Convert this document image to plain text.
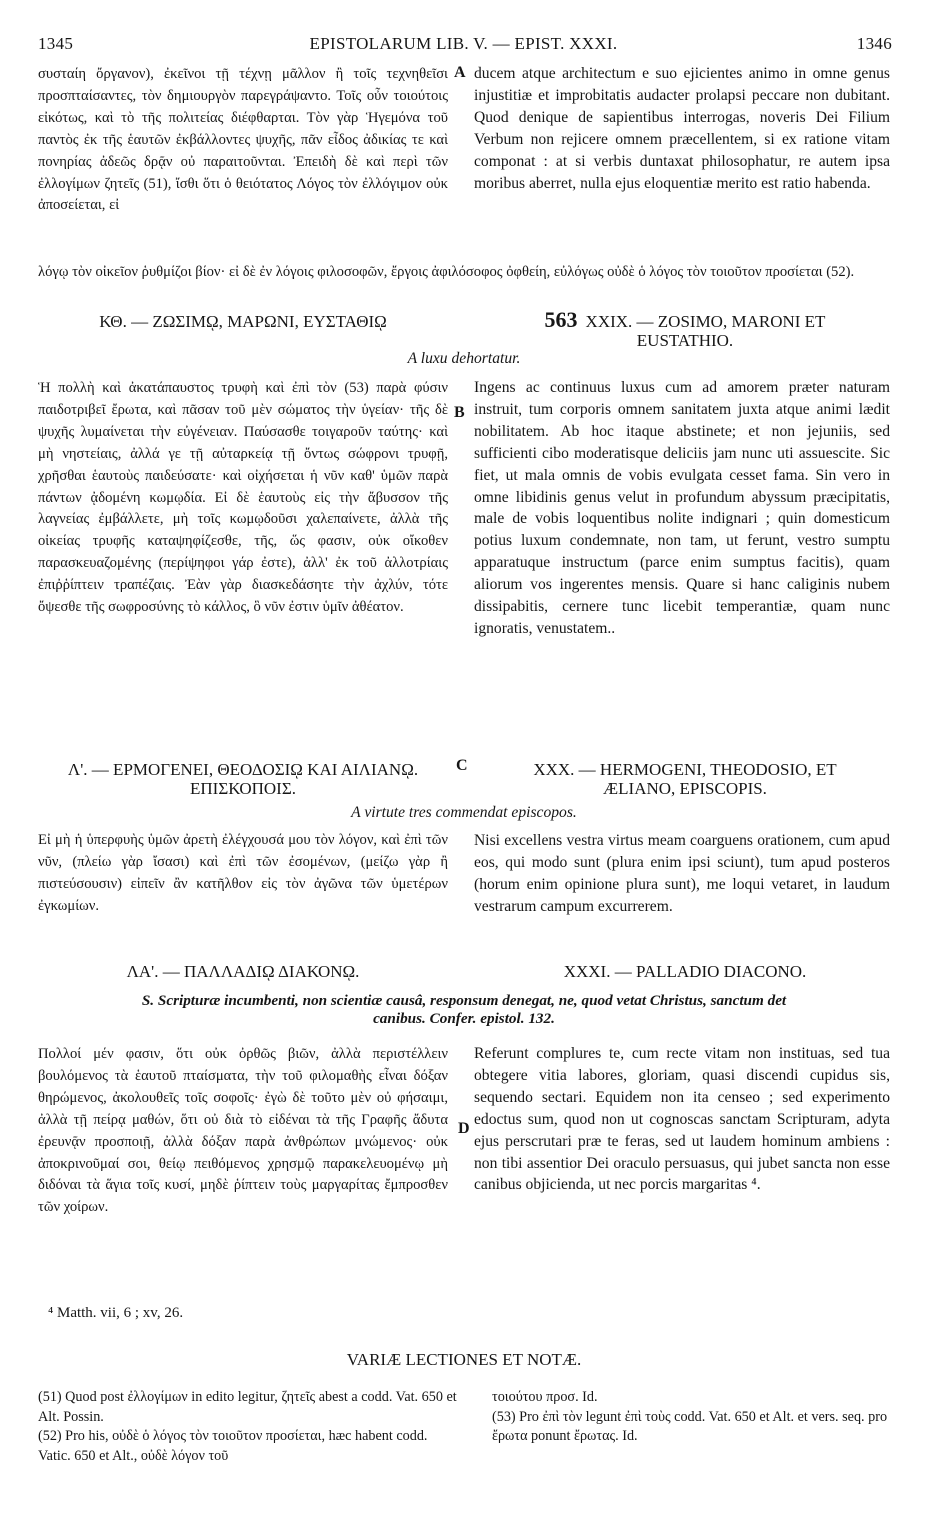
1345	EPISTOLARUM LIB. V. — EPIST. XXXI.	1346

συσταίη ὄργανον), ἐκεῖνοι τῇ τέχνῃ μᾶλλον ἢ τοῖς τεχνηθεῖσι προσπταίσαντες, τὸν δημιουργὸν παρεγράψαντο. Τοῖς οὖν τοιούτοις εἰκότως, καὶ τὸ τῆς πολιτείας διέφθαρται. Τὸν γὰρ Ἡγεμόνα τοῦ παντὸς ἐκ τῆς ἑαυτῶν ἐκβάλλοντες ψυχῆς, πᾶν εἶδος ἀδικίας τε καὶ πονηρίας ἀδεῶς δρᾷν οὐ παραιτοῦνται. Ἐπειδὴ δὲ καὶ περὶ τῶν ἐλλογίμων ζητεῖς (51), ἴσθι ὅτι ὁ θειότατος Λόγος τὸν ἐλλόγιμον οὐκ ἀποσείεται, εἰ

A ducem atque architectum e suo ejicientes animo in omne genus injustitiæ et improbitatis audacter prolapsi peccare non dubitant. Quod denique de sapientibus interrogas, noveris Dei Filium Verbum non rejicere omnem præcellentem, si ex ratione vitam componat : at si verbis duntaxat philosophatur, re autem ipsa moribus aberret, nulla ejus eloquentiæ merito est ratio habenda.

λόγῳ τὸν οἰκεῖον ῥυθμίζοι βίον· εἰ δὲ ἐν λόγοις φιλοσοφῶν, ἔργοις ἀφιλόσοφος ὀφθείη, εὐλόγως οὐδὲ ὁ λόγος τὸν τοιοῦτον προσίεται (52).

ΚΘ. — ΖΩΣΙΜῼ, ΜΑΡΩΝΙ, ΕΥΣΤΑΘΙῼ	563 XXIX. — ZOSIMO, MARONI ET
EUSTATHIO.
A luxu dehortatur.

Ἡ πολλὴ καὶ ἀκατάπαυστος τρυφὴ καὶ ἐπὶ τὸν (53) παρὰ φύσιν παιδοτριβεῖ ἔρωτα, καὶ πᾶσαν τοῦ μὲν σώματος τὴν ὑγείαν· τῆς δὲ ψυχῆς λυμαίνεται τὴν εὐγένειαν. Παύσασθε τοιγαροῦν ταύτης· καὶ μὴ νηστείαις, ἀλλά γε τῇ αὐταρκείᾳ τῇ ὄντως σώφρονι τρυφῇ, χρῆσθαι ἑαυτοὺς παιδεύσατε· καὶ οἰχήσεται ἡ νῦν καθ' ὑμῶν παρὰ πάντων ᾀδομένη κωμῳδία. Εἰ δὲ ἑαυτοὺς εἰς τὴν ἄβυσσον τῆς λαγνείας ἐμβάλλετε, μὴ τοῖς κωμῳδοῦσι χαλεπαίνετε, ἀλλὰ τῆς οἰκείας τρυφῆς καταψηφίζεσθε, τῆς, ὥς φασιν, οὐκ οἴκοθεν παρασκευαζομένης (περίψηφοι γάρ ἐστε), ἀλλ' ἐκ τοῦ ἀλλοτρίαις ἐπιῤῥίπτειν τραπέζαις. Ἐὰν γὰρ διασκεδάσητε τὴν ἀχλύν, τότε ὄψεσθε τῆς σωφροσύνης τὸ κάλλος, ὃ νῦν ἐστιν ὑμῖν ἀθέατον.

B

Ingens ac continuus luxus cum ad amorem præter naturam instruit, tum corporis omnem sanitatem juxta atque animi lædit nobilitatem. Ab hoc itaque abstinete; et non jejuniis, sed sufficienti cibo moderatisque deliciis jam nunc uti assuescite. Sic fiet, ut mala omnis de vobis evulgata cesset fama. Sin vero in omne libidinis genus velut in profundum abyssum præcipitatis, male de vobis loquentibus nolite indignari ; quin domesticum potius luxum condemnate, non tam, ut ferunt, vestro sumptu apparatuque instructum (parce enim sumptus facitis), quam aliorum vos ingerentes mensis. Quare si hanc caliginis nubem dissipabitis, cernere tunc licebit temperantiæ, quam nunc ignoratis, venustatem..

Λ'. — ΕΡΜΟΓΕΝΕΙ, ΘΕΟΔΟΣΙῼ ΚΑΙ ΑΙΛΙΑΝῼ.
ΕΠΙΣΚΟΠΟΙΣ.
C	XXX. — HERMOGENI, THEODOSIO, ET
ÆLIANO, EPISCOPIS.
A virtute tres commendat episcopos.

Εἰ μὴ ἡ ὑπερφυὴς ὑμῶν ἀρετὴ ἐλέγχουσά μου τὸν λόγον, καὶ ἐπὶ τῶν νῦν, (πλείω γὰρ ἴσασι) καὶ ἐπὶ τῶν ἐσομένων, (μείζω γὰρ ἢ πιστεύσουσιν) εἰπεῖν ἂν κατῆλθον εἰς τὸν ἀγῶνα τῶν ὑμετέρων ἐγκωμίων.

Nisi excellens vestra virtus meam coarguens orationem, cum apud eos, qui modo sunt (plura enim ipsi sciunt), tum apud posteros (horum enim opinione plura sunt), me loqui vetaret, in laudum vestrarum campum excurrerem.

ΛΑ'. — ΠΑΛΛΑΔΙῼ ΔΙΑΚΟΝῼ.	XXXI. — PALLADIO DIACONO.
S. Scripturæ incumbenti, non scientiæ causâ, responsum denegat, ne, quod vetat Christus, sanctum det
canibus. Confer. epistol. 132.

Πολλοί μέν φασιν, ὅτι οὐκ ὀρθῶς βιῶν, ἀλλὰ περιστέλλειν βουλόμενος τὰ ἑαυτοῦ πταίσματα, τὴν τοῦ φιλομαθὴς εἶναι δόξαν θηρώμενος, ἀκολουθεῖς τοῖς σοφοῖς· ἐγὼ δὲ τοῦτο μὲν οὐ φήσαιμι, ἀλλὰ τῇ πείρᾳ μαθών, ὅτι οὐ διὰ τὸ εἰδέναι τὰ τῆς Γραφῆς ἄδυτα ἐρευνᾷν προσποιῇ, ἀλλὰ δόξαν παρὰ ἀνθρώπων μνώμενος· οὐκ ἀποκρινοῦμαί σοι, θείῳ πειθόμενος χρησμῷ παρακελευομένῳ μὴ διδόναι τὰ ἅγια τοῖς κυσί, μηδὲ ῥίπτειν τοὺς μαργαρίτας ἔμπροσθεν τῶν χοίρων.

D

Referunt complures te, cum recte vitam non instituas, sed tua obtegere vitia labores, gloriam, quasi discendi cupidus sis, sequendo sectari. Equidem non ita censeo ; sed experimento edoctus sum, quod non ut cognoscas sanctam Scripturam, adyta ejus perscrutari præ te feras, sed ut laudem hominum ambiens : non tibi assentior Dei oraculo persuasus, qui jubet sancta non esse canibus objicienda, ut nec porcis margaritas ⁴.

⁴ Matth. vii, 6 ; xv, 26.
VARIÆ LECTIONES ET NOTÆ.

(51) Quod post ἐλλογίμων in edito legitur, ζητεῖς abest a codd. Vat. 650 et Alt. Possin.

(52) Pro his, οὐδὲ ὁ λόγος τὸν τοιοῦτον προσίεται, hæc habent codd. Vatic. 650 et Alt., οὐδὲ λόγον τοῦ

τοιούτου προσ. Id.

(53) Pro ἐπὶ τὸν legunt ἐπὶ τοὺς codd. Vat. 650 et Alt. et vers. seq. pro ἔρωτα ponunt ἔρωτας. Id.
